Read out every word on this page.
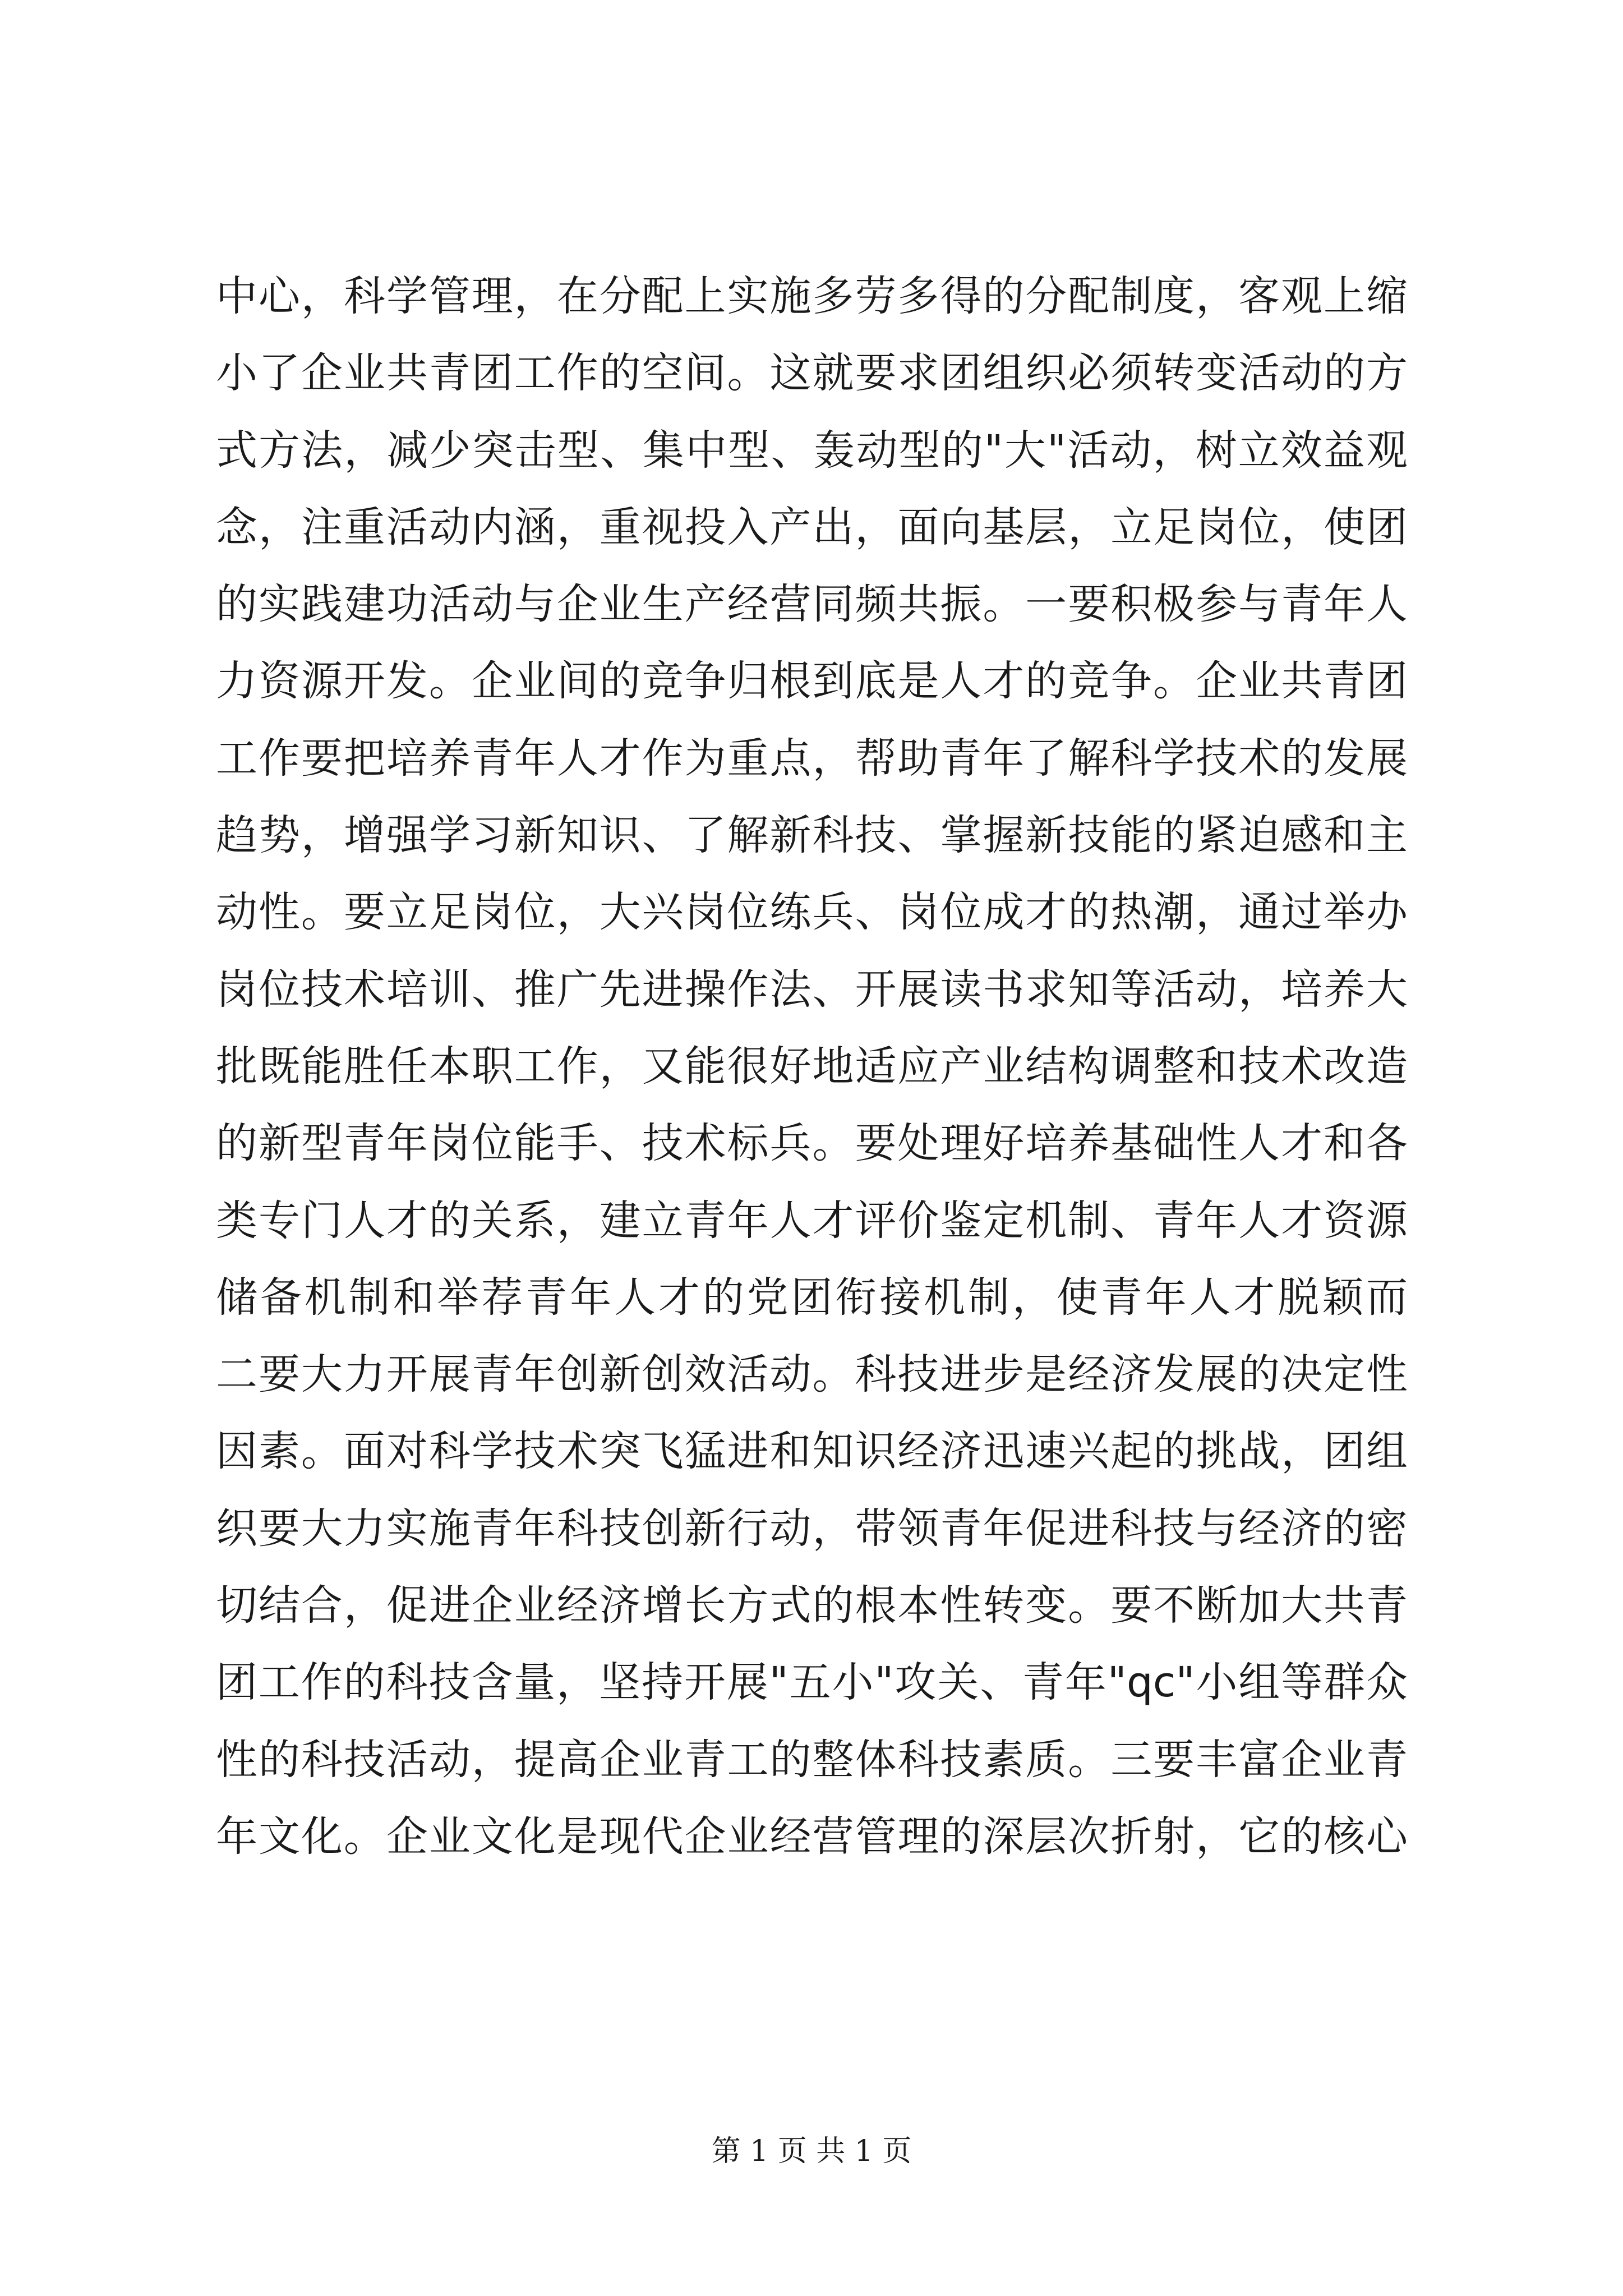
中心，科学管理，在分配上实施多劳多得的分配制度，客观上缩
小了企业共青团工作的空间。这就要求团组织必须转变活动的方
式方法，减少突击型、集中型、轰动型的"大"活动，树立效益观
念，注重活动内涵，重视投入产出，面向基层，立足岗位，使团
的实践建功活动与企业生产经营同频共振。一要积极参与青年人
力资源开发。企业间的竞争归根到底是人才的竞争。企业共青团
工作要把培养青年人才作为重点，帮助青年了解科学技术的发展
趋势，增强学习新知识、了解新科技、掌握新技能的紧迫感和主
动性。要立足岗位，大兴岗位练兵、岗位成才的热潮，通过举办
岗位技术培训、推广先进操作法、开展读书求知等活动，培养大
批既能胜任本职工作，又能很好地适应产业结构调整和技术改造
的新型青年岗位能手、技术标兵。要处理好培养基础性人才和各
类专门人才的关系，建立青年人才评价鉴定机制、青年人才资源
储备机制和举荐青年人才的党团衔接机制，使青年人才脱颖而
二要大力开展青年创新创效活动。科技进步是经济发展的决定性
因素。面对科学技术突飞猛进和知识经济迅速兴起的挑战，团组
织要大力实施青年科技创新行动，带领青年促进科技与经济的密
切结合，促进企业经济增长方式的根本性转变。要不断加大共青
团工作的科技含量，坚持开展"五小"攻关、青年"qc"小组等群众
性的科技活动，提高企业青工的整体科技素质。三要丰富企业青
年文化。企业文化是现代企业经营管理的深层次折射，它的核心
第 1 页 共 1 页
